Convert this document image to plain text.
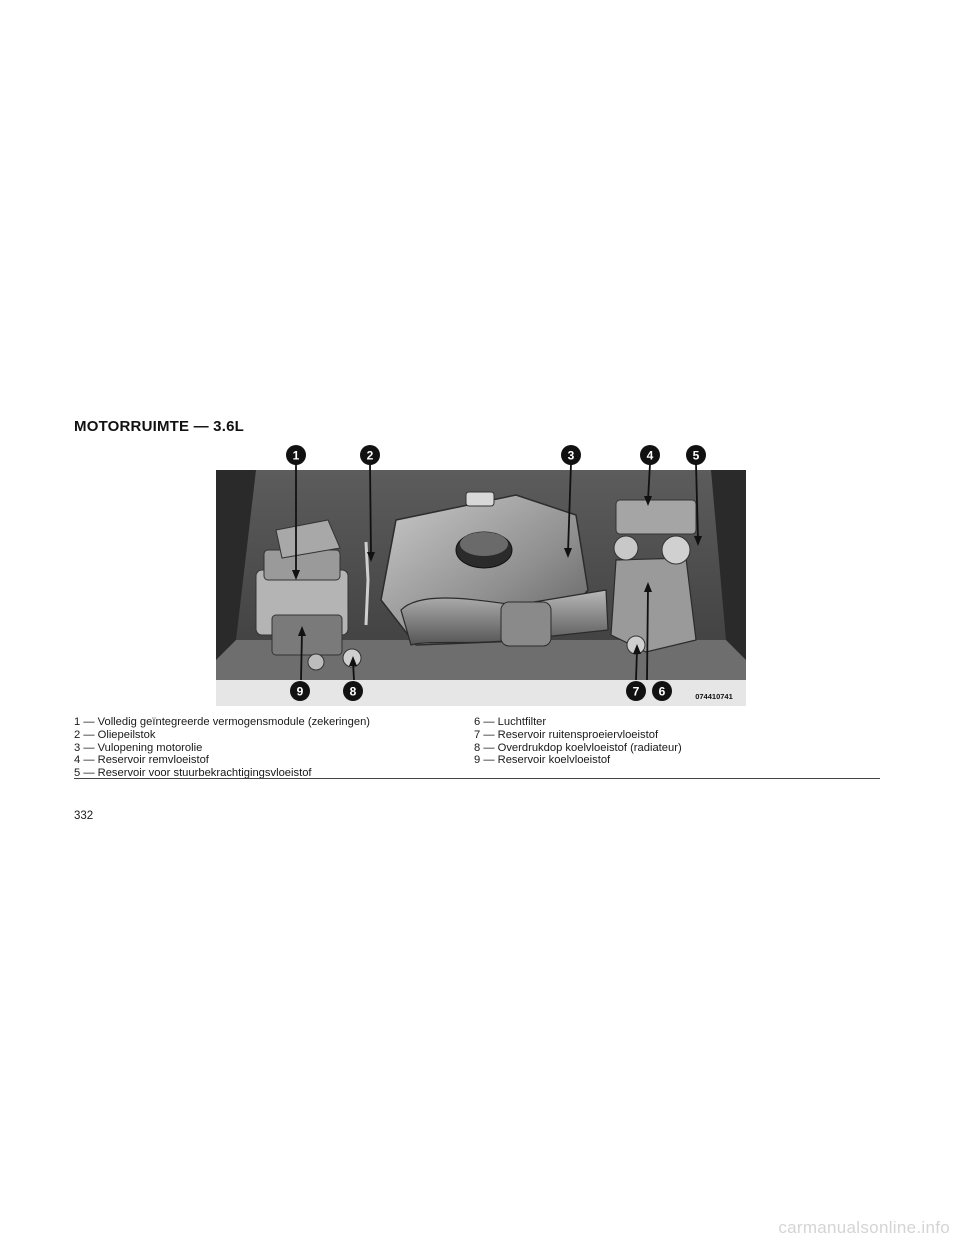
MOTORRUIMTE — 3.6L
1	2	3	4	5
6
7
8
9	074410741
1 — Volledig geïntegreerde vermogensmodule (zekeringen)
2 — Oliepeilstok
3 — Vulopening motorolie
4 — Reservoir remvloeistof
5 — Reservoir voor stuurbekrachtigingsvloeistof
6 — Luchtfilter
7 — Reservoir ruitensproeiervloeistof
8 — Overdrukdop koelvloeistof (radiateur)
9 — Reservoir koelvloeistof
332
carmanualsonline.info
